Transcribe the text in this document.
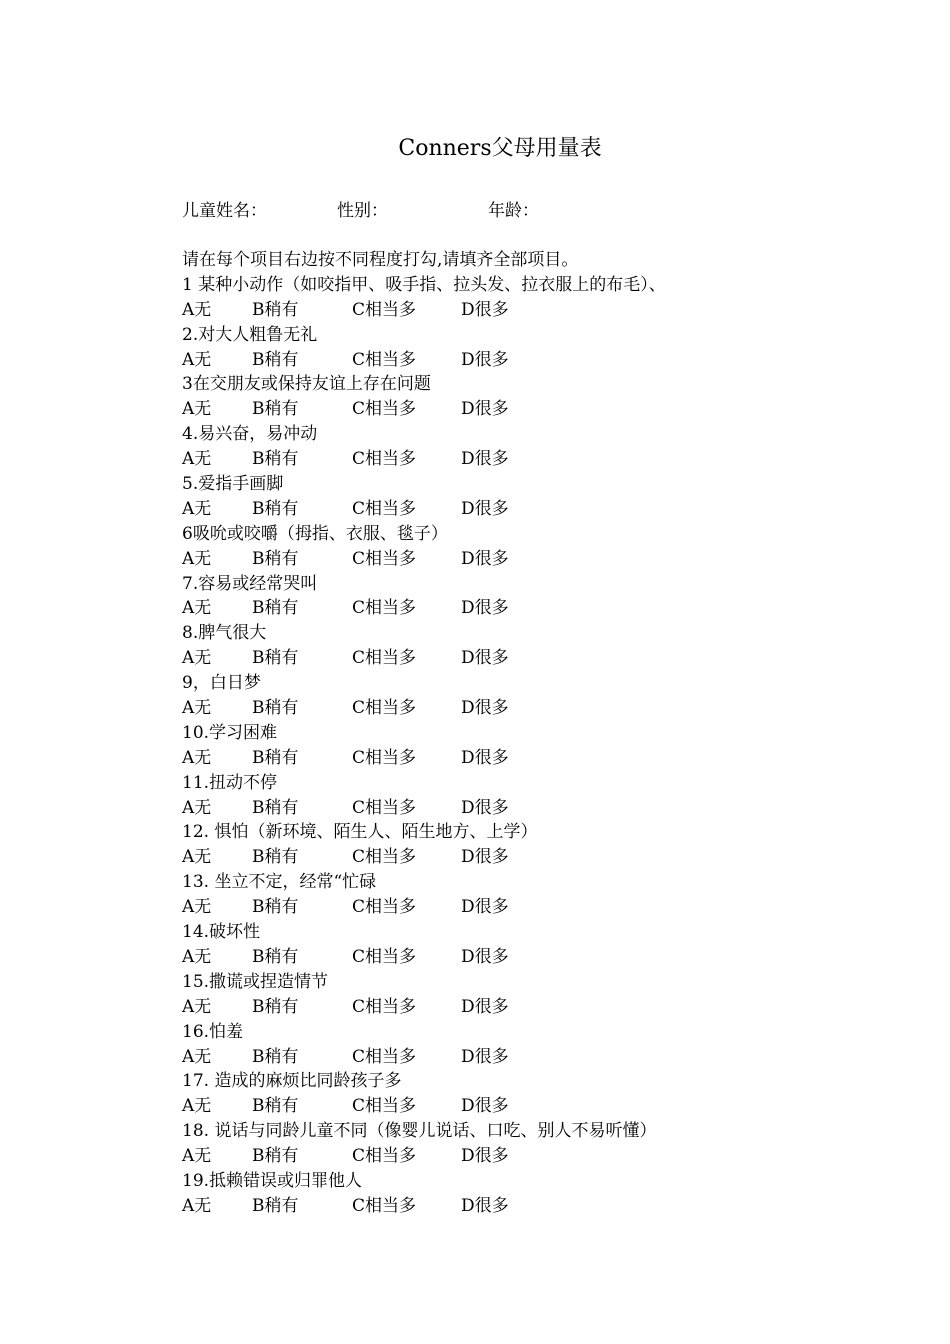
Conners父母用量表
儿童姓名：	性别：	年龄：
请在每个项目右边按不同程度打勾,请填齐全部项目。
1 某种小动作（如咬指甲、吸手指、拉头发、拉衣服上的布毛）、
A无 B稍有	C相当多	D很多
2.对大人粗鲁无礼
A无 B稍有	C相当多	D很多
3在交朋友或保持友谊上存在问题
A无 B稍有	C相当多	D很多
4.易兴奋，易冲动
A无 B稍有	C相当多	D很多
5.爱指手画脚
A无 B稍有	C相当多	D很多
6吸吮或咬嚼（拇指、衣服、毯子）
A无 B稍有	C相当多	D很多
7.容易或经常哭叫
A无 B稍有	C相当多	D很多
8.脾气很大
A无 B稍有	C相当多	D很多
9，白日梦
A无 B稍有	C相当多	D很多
10.学习困难
A无 B稍有	C相当多	D很多
11.扭动不停
A无 B稍有	C相当多	D很多
12. 惧怕（新环境、陌生人、陌生地方、上学）
A无 B稍有	C相当多	D很多
13. 坐立不定，经常“忙碌
A无 B稍有	C相当多	D很多
14.破坏性
A无 B稍有	C相当多	D很多
15.撒谎或捏造情节
A无 B稍有	C相当多	D很多
16.怕羞
A无 B稍有	C相当多	D很多
17. 造成的麻烦比同龄孩子多
A无 B稍有	C相当多	D很多
18. 说话与同龄儿童不同（像婴儿说话、口吃、别人不易听懂）
A无 B稍有	C相当多	D很多
19.抵赖错误或归罪他人
A无 B稍有	C相当多	D很多
